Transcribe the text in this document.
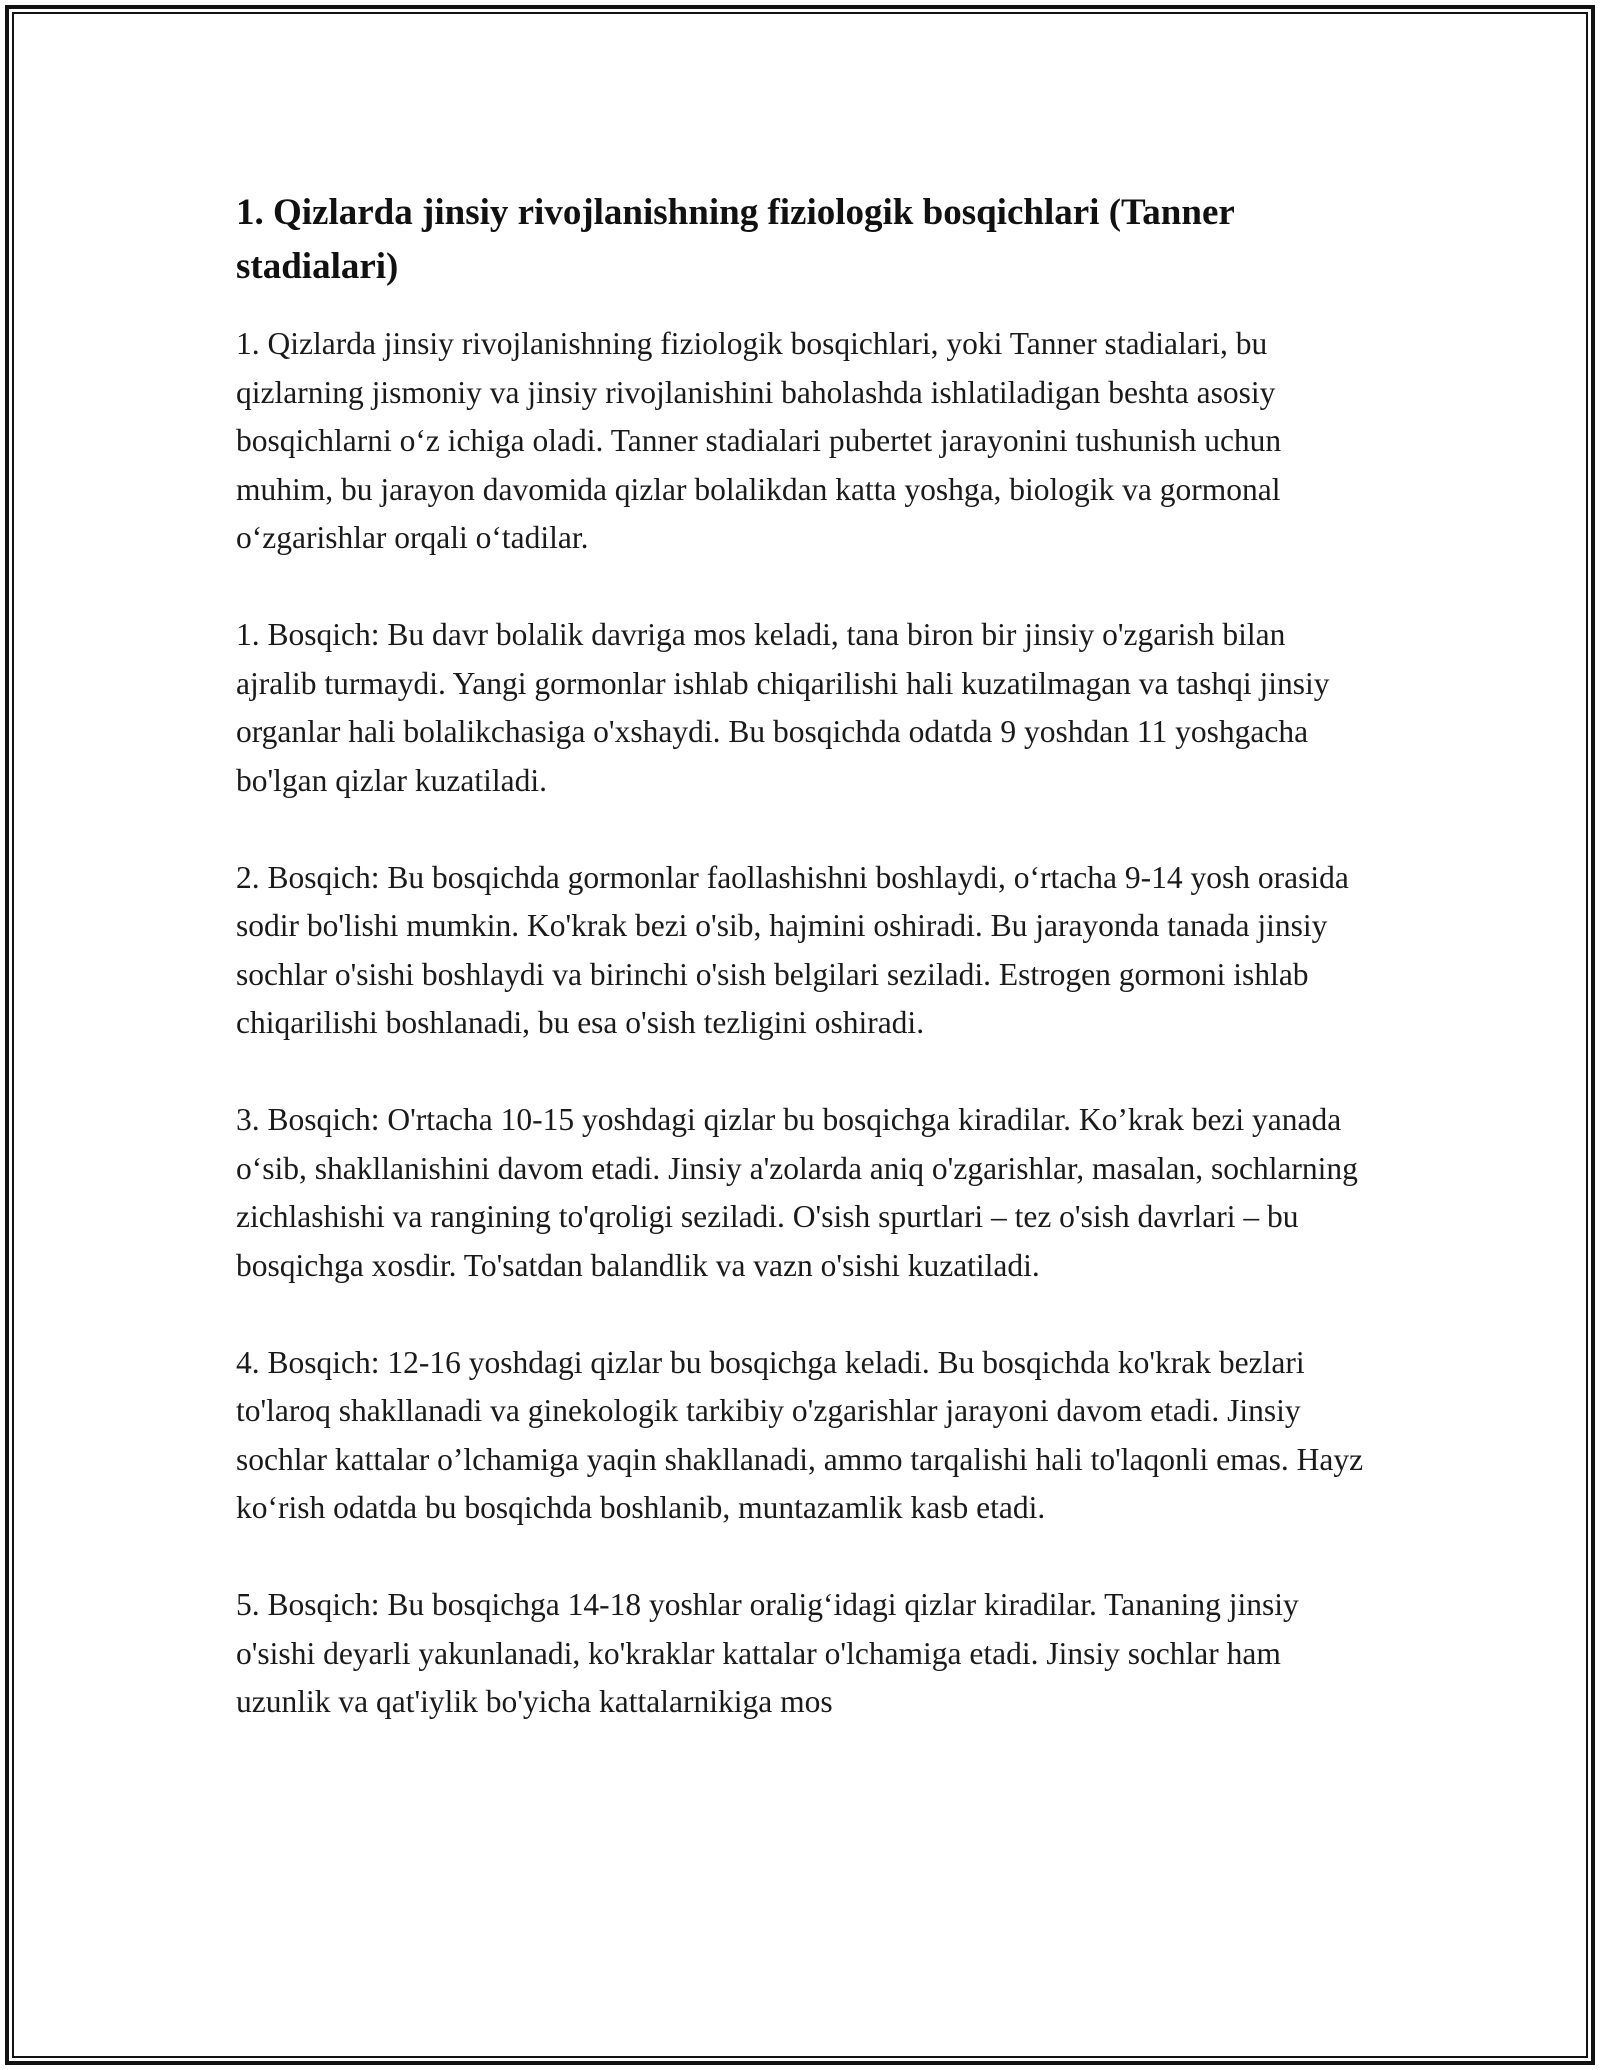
1. Qizlarda jinsiy rivojlanishning fiziologik bosqichlari (Tanner stadialari)

1. Qizlarda jinsiy rivojlanishning fiziologik bosqichlari, yoki Tanner stadialari, bu qizlarning jismoniy va jinsiy rivojlanishini baholashda ishlatiladigan beshta asosiy bosqichlarni oʻz ichiga oladi. Tanner stadialari pubertet jarayonini tushunish uchun muhim, bu jarayon davomida qizlar bolalikdan katta yoshga, biologik va gormonal oʻzgarishlar orqali oʻtadilar.

1. Bosqich: Bu davr bolalik davriga mos keladi, tana biron bir jinsiy o'zgarish bilan ajralib turmaydi. Yangi gormonlar ishlab chiqarilishi hali kuzatilmagan va tashqi jinsiy organlar hali bolalikchasiga o'xshaydi. Bu bosqichda odatda 9 yoshdan 11 yoshgacha bo'lgan qizlar kuzatiladi.

2. Bosqich: Bu bosqichda gormonlar faollashishni boshlaydi, oʻrtacha 9-14 yosh orasida sodir bo'lishi mumkin. Ko'krak bezi o'sib, hajmini oshiradi. Bu jarayonda tanada jinsiy sochlar o'sishi boshlaydi va birinchi o'sish belgilari seziladi. Estrogen gormoni ishlab chiqarilishi boshlanadi, bu esa o'sish tezligini oshiradi.

3. Bosqich: O'rtacha 10-15 yoshdagi qizlar bu bosqichga kiradilar. Ko’krak bezi yanada oʻsib, shakllanishini davom etadi. Jinsiy a'zolarda aniq o'zgarishlar, masalan, sochlarning zichlashishi va rangining to'qroligi seziladi. O'sish spurtlari – tez o'sish davrlari – bu bosqichga xosdir. To'satdan balandlik va vazn o'sishi kuzatiladi.

4. Bosqich: 12-16 yoshdagi qizlar bu bosqichga keladi. Bu bosqichda ko'krak bezlari to'laroq shakllanadi va ginekologik tarkibiy o'zgarishlar jarayoni davom etadi. Jinsiy sochlar kattalar o’lchamiga yaqin shakllanadi, ammo tarqalishi hali to'laqonli emas. Hayz koʻrish odatda bu bosqichda boshlanib, muntazamlik kasb etadi.

5. Bosqich: Bu bosqichga 14-18 yoshlar oraligʻidagi qizlar kiradilar. Tananing jinsiy o'sishi deyarli yakunlanadi, ko'kraklar kattalar o'lchamiga etadi. Jinsiy sochlar ham uzunlik va qat'iylik bo'yicha kattalarnikiga mos
